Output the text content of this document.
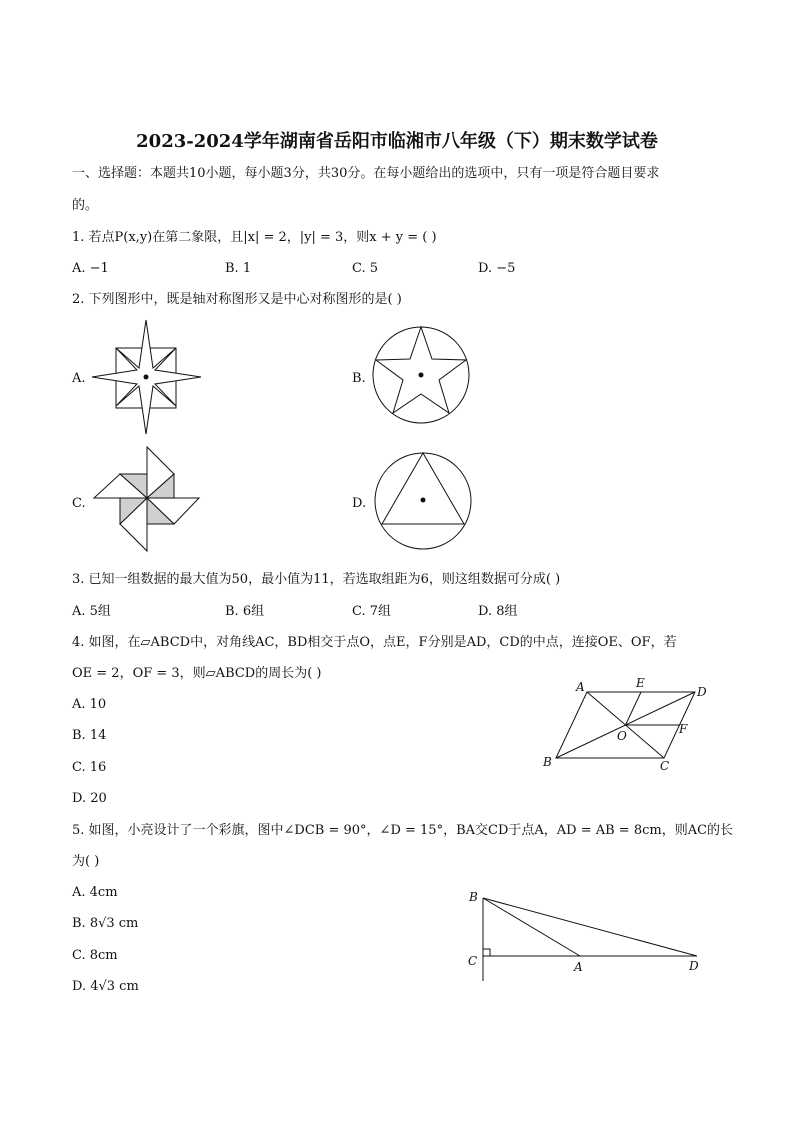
2023-2024学年湖南省岳阳市临湘市八年级（下）期末数学试卷
一、选择题：本题共10小题，每小题3分，共30分。在每小题给出的选项中，只有一项是符合题目要求
的。
1. 若点P(x,y)在第二象限，且|x| = 2，|y| = 3，则x + y = ( )
A. −1	B. 1	C. 5	D. −5
2. 下列图形中，既是轴对称图形又是中心对称图形的是( )
A.	B.
C.	D.
3. 已知一组数据的最大值为50，最小值为11，若选取组距为6，则这组数据可分成( )
A. 5组	B. 6组	C. 7组	D. 8组
4. 如图，在▱ABCD中，对角线AC，BD相交于点O，点E，F分别是AD，CD的中点，连接OE、OF，若
OE = 2，OF = 3，则▱ABCD的周长为( )
A. 10
B. 14
C. 16
D. 20
A	E
D
O	F
B	C
5. 如图，小亮设计了一个彩旗，图中∠DCB = 90°，∠D = 15°，BA交CD于点A，AD = AB = 8cm，则AC的长
为( )
A. 4cm
B. 8√3 cm
C. 8cm
D. 4√3 cm
B
C	A	D
